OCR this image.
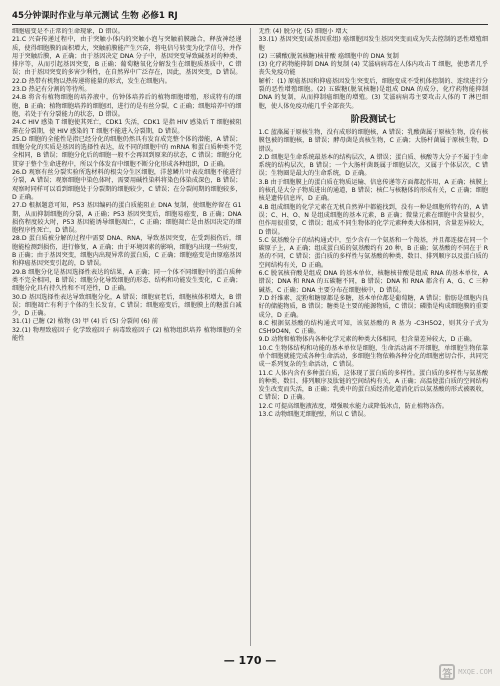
45分钟课时作业与单元测试 生物 必修1 RJ

细胞癌变是不正常的生命现象，D 错误。

21.C 兴奋传递过程中，由于突触小体内的突触小泡与突触前膜融合，释放神经递质，使得细胞膜的面积增大，突触前膜能产生兴奋，将电信号转变为化学信号，并作用于突触后膜，A 正确；由于基因决定 DNA 分子中，基因突变导致碱基对的种类、排序等，从而引起基因突变，B 正确；葡萄糖氧化分解发生在细胞质基质中，C 错误；由于基因突变的多害少利性，在自然界中广泛存在，因此，基因突变，D 错误。

22.D 热带有机物以热传递将能量的形式，发生在细胞内。

23.D 热记有分割的等待所。

24.B 将含有植物细胞的培养液中，仿钟体培养后的植物细胞增殖，形成特有的细胞，B 正确；植物细胞培养的细胞团，进行的是有丝分裂，C 正确；细胞培养中的细胞，若处于有分裂能力的状态，D 错误。

24.C HIV 感染 T 细胞使其死亡，CDK1 失活，CDK1 是指 HIV 感染后 T 细胞被阻滞在分裂期，使 HIV 感染的 T 细胞不能进入分裂期，D 错误。

25.D 细胞的全能性是指已经分化的细胞仍然具有发育成完整个体的潜能，A 错误；细胞分化的实质是基因的选择性表达，故不同的细胞中的 mRNA 和蛋白质种类不完全相同，B 错误；细胞分化后的细胞一般不会再回到原来的状态，C 错误；细胞分化贯穿于整个生命进程中，所以个体发育中细胞不断分化形成各种组织，D 正确。

26.D 观察有丝分裂实验所选材料的根尖分生区细胞，洋葱鳞片叶表皮细胞不能进行分裂，A 错误；观察细胞中染色体时，需要用碱性染料将染色体染成深色，B 错误；观察时同样可以看到细胞处于分裂期的细胞较少，C 错误；在分裂间期的细胞较多，D 正确。

27.D 根据题意可知，P53 基因编码的蛋白质能阻止 DNA 复制，使细胞停留在 G1 期，从而抑制细胞的分裂，A 正确；P53 基因突变后，细胞易癌变，B 正确；DNA 损伤程度较大时，P53 基因能诱导细胞凋亡，C 正确；细胞凋亡是由基因决定的细胞程序性死亡，D 错误。

28.D 蛋白质被分解的过程中需要 DNA、RNA，导致基因突变，在受到损伤后，细胞能检测到损伤，进行修复，A 正确；由于环境因素的影响，细胞内出现一些病变，B 正确；由于基因突变，细胞内出现异常的蛋白质，C 正确；细胞癌变是由原癌基因和抑癌基因突变引起的，D 错误。

29.B 细胞分化是基因选择性表达的结果，A 正确；同一个体不同细胞中的蛋白质种类不完全相同，B 错误；细胞分化导致细胞的形态、结构和功能发生变化，C 正确；细胞分化具有持久性和不可逆性，D 正确。

30.D 基因选择性表达导致细胞分化，A 错误；细胞衰老后，细胞核体积增大，B 错误；细胞凋亡有利于个体的生长发育，C 错误；细胞癌变后，细胞膜上的糖蛋白减少，D 正确。

31.(1) 己糖 (2) 植物 (3) 甲 (4) 后 (5) 分裂间 (6) 前

32.(1) 物理致癌因子 化学致癌因子 病毒致癌因子 (2) 植物组织培养 植物细胞的全能性

无性 (4) 脱分化 (5) 细胞小 增大

33.(1) 基因突变(或基因重组) 癌细胞因发生基因突变而成为失去控制的恶性增殖细胞

(2) 三磷酸(脱氧核糖)核苷酸 癌细胞中的 DNA 复制

(3) 化疗药物能抑制 DNA 的复制 (4) 艾滋病病毒在人体内攻击 T 细胞，使患者几乎丧失免疫功能

解析：(1) 原癌基因和抑癌基因发生突变后，细胞变成不受机体控制的、连续进行分裂的恶性增殖细胞。(2) 五碳糖(脱氧核糖)是组成 DNA 的成分，化疗药物能抑制 DNA 的复制，从而抑制癌细胞的增殖。(3) 艾滋病病毒主要攻击人体的 T 淋巴细胞，使人体免疫功能几乎全部丧失。

阶段测试七

1.C 蓝藻属于原核生物，没有成形的细胞核，A 错误；乳酸菌属于原核生物，没有核膜包被的细胞核，B 错误；酵母菌是真核生物，C 正确；大肠杆菌属于原核生物，D 错误。

2.D 细胞是生命系统最基本的结构层次，A 错误；蛋白质、核酸等大分子不属于生命系统的结构层次，B 错误；一个大肠杆菌既属于细胞层次，又属于个体层次，C 错误；生物圈是最大的生命系统，D 正确。

3.B 由于细胞膜上的蛋白质在物质运输、信息传递等方面都起作用，A 正确；核膜上的核孔是大分子物质进出的通道，B 错误；核仁与核糖体的形成有关，C 正确；细胞核是遗传信息库，D 正确。

4.B 组成细胞的化学元素在无机自然界中都能找到，没有一种是细胞所特有的，A 错误；C、H、O、N 是组成细胞的基本元素，B 正确；微量元素在细胞中含量很少，但作用很重要，C 错误；组成不同生物体的化学元素种类大体相同，含量差异较大，D 错误。

5.C 氨基酸分子的结构通式中，至少含有一个氨基和一个羧基，并且都连接在同一个碳原子上，A 正确；组成蛋白质的氨基酸约有 20 种，B 正确；氨基酸的不同在于 R 基的不同，C 错误；蛋白质的多样性与氨基酸的种类、数目、排列顺序以及蛋白质的空间结构有关，D 正确。

6.C 脱氧核苷酸是组成 DNA 的基本单位，核糖核苷酸是组成 RNA 的基本单位，A 错误；DNA 和 RNA 的五碳糖不同，B 错误；DNA 和 RNA 都含有 A、G、C 三种碱基，C 正确；DNA 主要分布在细胞核中，D 错误。

7.D 纤维素、淀粉和糖原都是多糖，基本单位都是葡萄糖，A 错误；脂肪是细胞内良好的储能物质，B 错误；糖类是主要的能源物质，C 错误；磷脂是构成细胞膜的重要成分，D 正确。

8.C 根据氨基酸的结构通式可知，该氨基酸的 R 基为 -C3H5O2，则其分子式为 C5H9O4N，C 正确。

9.D 动物和植物体内各种化学元素的种类大体相同，但含量差异较大，D 正确。

10.C 生物体结构和功能的基本单位是细胞，生命活动离不开细胞，单细胞生物依靠单个细胞就能完成各种生命活动，多细胞生物依赖各种分化的细胞密切合作，共同完成一系列复杂的生命活动，C 错误。

11.C 人体内含有多种蛋白质，这体现了蛋白质的多样性。蛋白质的多样性与氨基酸的种类、数目、排列顺序及肽链的空间结构有关，A 正确；高温使蛋白质的空间结构发生改变而失活，B 正确；乳类中的蛋白质经消化道消化后以氨基酸的形式被吸收，C 错误；D 正确。

12.C 可提高细胞液浓度，增强吸水能力或降低冰点，防止植物冻伤。

13.C 动物细胞无细胞壁，所以 C 错误。

— 170 —
答 MXQE.COM
